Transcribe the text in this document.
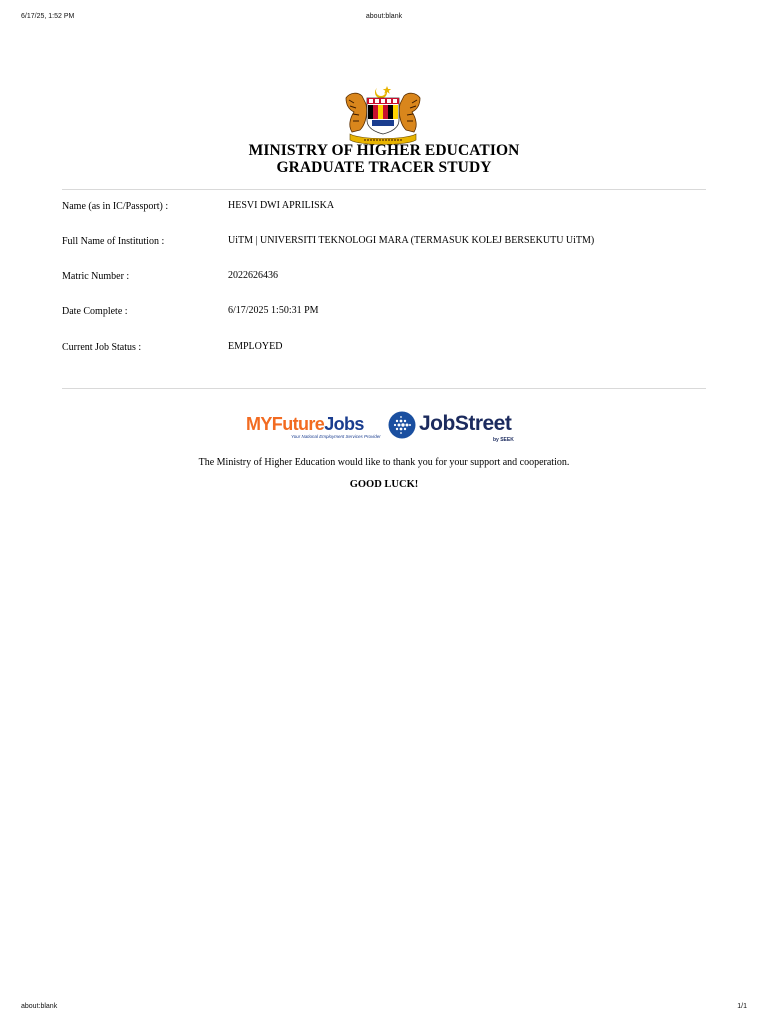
6/17/25, 1:52 PM	about:blank
MINISTRY OF HIGHER EDUCATION
GRADUATE TRACER STUDY
Name (as in IC/Passport) :	HESVI DWI APRILISKA
Full Name of Institution :	UiTM | UNIVERSITI TEKNOLOGI MARA (TERMASUK KOLEJ BERSEKUTU UiTM)
Matric Number :	2022626436
Date Complete :	6/17/2025 1:50:31 PM
Current Job Status :	EMPLOYED
MYFutureJobs
Your National Employment Services Provider
JobStreet
by SEEK
The Ministry of Higher Education would like to thank you for your support and cooperation.
GOOD LUCK!
about:blank	1/1
